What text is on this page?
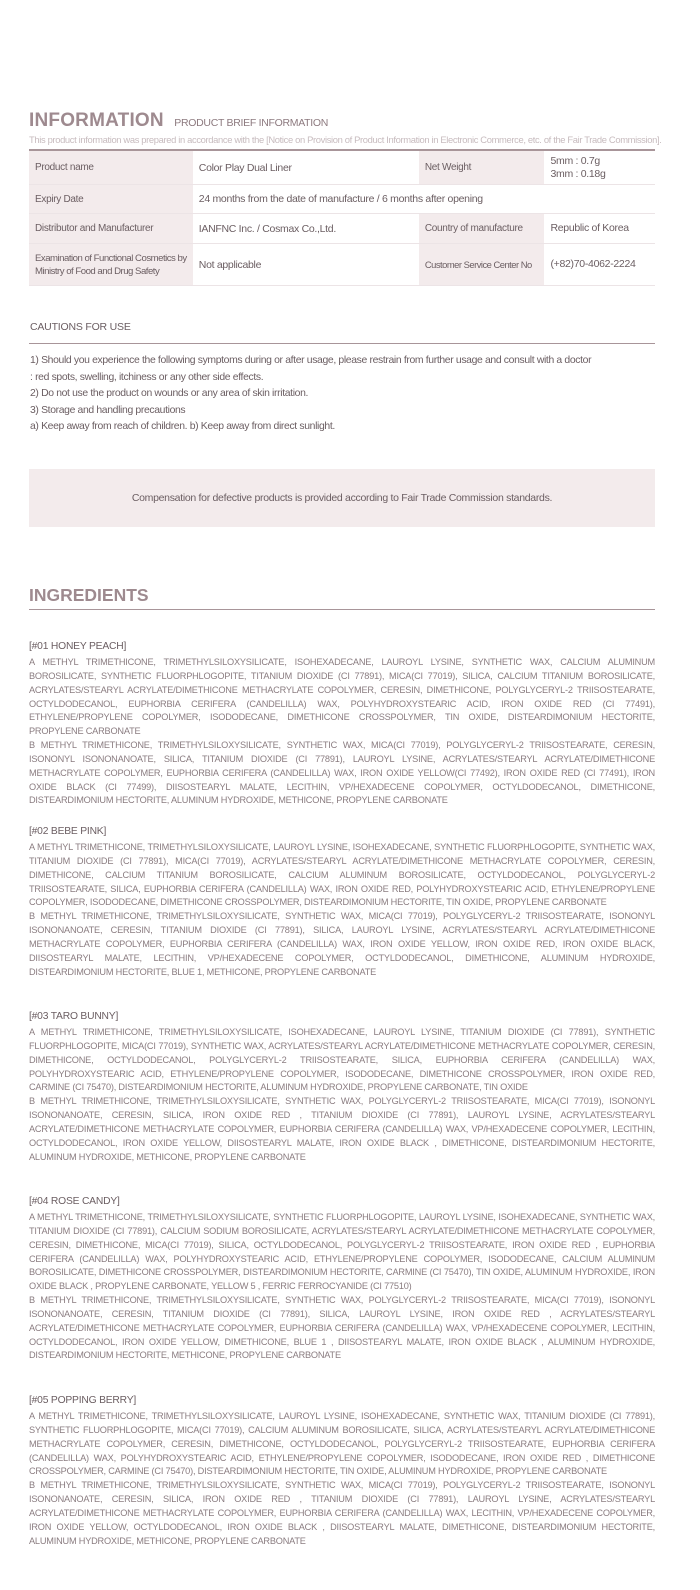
INFORMATION PRODUCT BRIEF INFORMATION
This product information was prepared in accordance with the [Notice on Provision of Product Information in Electronic Commerce, etc. of the Fair Trade Commission].
Product name	Color Play Dual Liner	Net Weight	5mm : 0.7g
3mm : 0.18g

Expiry Date	24 months from the date of manufacture / 6 months after opening		
Distributor and Manufacturer	IANFNC Inc. / Cosmax Co.,Ltd.	Country of manufacture	Republic of Korea

Examination of Functional Cosmetics by
Ministry of Food and Drug Safety	Not applicable	Customer Service Center No	(+82)70-4062-2224
CAUTIONS FOR USE
1) Should you experience the following symptoms during or after usage, please restrain from further usage and consult with a doctor
: red spots, swelling, itchiness or any other side effects.
2) Do not use the product on wounds or any area of skin irritation.
3) Storage and handling precautions
a) Keep away from reach of children. b) Keep away from direct sunlight.
Compensation for defective products is provided according to Fair Trade Commission standards.
INGREDIENTS
[#01 HONEY PEACH]
A METHYL TRIMETHICONE, TRIMETHYLSILOXYSILICATE, ISOHEXADECANE, LAUROYL LYSINE, SYNTHETIC WAX, CALCIUM ALUMINUM BOROSILICATE, SYNTHETIC FLUORPHLOGOPITE, TITANIUM DIOXIDE (CI 77891), MICA(CI 77019), SILICA, CALCIUM TITANIUM BOROSILICATE, ACRYLATES/STEARYL ACRYLATE/DIMETHICONE METHACRYLATE COPOLYMER, CERESIN, DIMETHICONE, POLYGLYCERYL-2 TRIISOSTEARATE, OCTYLDODECANOL, EUPHORBIA CERIFERA (CANDELILLA) WAX, POLYHYDROXYSTEARIC ACID, IRON OXIDE RED (CI 77491), ETHYLENE/PROPYLENE COPOLYMER, ISODODECANE, DIMETHICONE CROSSPOLYMER, TIN OXIDE, DISTEARDIMONIUM HECTORITE, PROPYLENE CARBONATE
B METHYL TRIMETHICONE, TRIMETHYLSILOXYSILICATE, SYNTHETIC WAX, MICA(CI 77019), POLYGLYCERYL-2 TRIISOSTEARATE, CERESIN, ISONONYL ISONONANOATE, SILICA, TITANIUM DIOXIDE (CI 77891), LAUROYL LYSINE, ACRYLATES/STEARYL ACRYLATE/DIMETHICONE METHACRYLATE COPOLYMER, EUPHORBIA CERIFERA (CANDELILLA) WAX, IRON OXIDE YELLOW(CI 77492), IRON OXIDE RED (CI 77491), IRON OXIDE BLACK (CI 77499), DIISOSTEARYL MALATE, LECITHIN, VP/HEXADECENE COPOLYMER, OCTYLDODECANOL, DIMETHICONE, DISTEARDIMONIUM HECTORITE, ALUMINUM HYDROXIDE, METHICONE, PROPYLENE CARBONATE
[#02 BEBE PINK]
A METHYL TRIMETHICONE, TRIMETHYLSILOXYSILICATE, LAUROYL LYSINE, ISOHEXADECANE, SYNTHETIC FLUORPHLOGOPITE, SYNTHETIC WAX, TITANIUM DIOXIDE (CI 77891), MICA(CI 77019), ACRYLATES/STEARYL ACRYLATE/DIMETHICONE METHACRYLATE COPOLYMER, CERESIN, DIMETHICONE, CALCIUM TITANIUM BOROSILICATE, CALCIUM ALUMINUM BOROSILICATE, OCTYLDODECANOL, POLYGLYCERYL-2 TRIISOSTEARATE, SILICA, EUPHORBIA CERIFERA (CANDELILLA) WAX, IRON OXIDE RED, POLYHYDROXYSTEARIC ACID, ETHYLENE/PROPYLENE COPOLYMER, ISODODECANE, DIMETHICONE CROSSPOLYMER, DISTEARDIMONIUM HECTORITE, TIN OXIDE, PROPYLENE CARBONATE
B METHYL TRIMETHICONE, TRIMETHYLSILOXYSILICATE, SYNTHETIC WAX, MICA(CI 77019), POLYGLYCERYL-2 TRIISOSTEARATE, ISONONYL ISONONANOATE, CERESIN, TITANIUM DIOXIDE (CI 77891), SILICA, LAUROYL LYSINE, ACRYLATES/STEARYL ACRYLATE/DIMETHICONE METHACRYLATE COPOLYMER, EUPHORBIA CERIFERA (CANDELILLA) WAX, IRON OXIDE YELLOW, IRON OXIDE RED, IRON OXIDE BLACK, DIISOSTEARYL MALATE, LECITHIN, VP/HEXADECENE COPOLYMER, OCTYLDODECANOL, DIMETHICONE, ALUMINUM HYDROXIDE, DISTEARDIMONIUM HECTORITE, BLUE 1, METHICONE, PROPYLENE CARBONATE
[#03 TARO BUNNY]
A METHYL TRIMETHICONE, TRIMETHYLSILOXYSILICATE, ISOHEXADECANE, LAUROYL LYSINE, TITANIUM DIOXIDE (CI 77891), SYNTHETIC FLUORPHLOGOPITE, MICA(CI 77019), SYNTHETIC WAX, ACRYLATES/STEARYL ACRYLATE/DIMETHICONE METHACRYLATE COPOLYMER, CERESIN, DIMETHICONE, OCTYLDODECANOL, POLYGLYCERYL-2 TRIISOSTEARATE, SILICA, EUPHORBIA CERIFERA (CANDELILLA) WAX, POLYHYDROXYSTEARIC ACID, ETHYLENE/PROPYLENE COPOLYMER, ISODODECANE, DIMETHICONE CROSSPOLYMER, IRON OXIDE RED, CARMINE (CI 75470), DISTEARDIMONIUM HECTORITE, ALUMINUM HYDROXIDE, PROPYLENE CARBONATE, TIN OXIDE
B METHYL TRIMETHICONE, TRIMETHYLSILOXYSILICATE, SYNTHETIC WAX, POLYGLYCERYL-2 TRIISOSTEARATE, MICA(CI 77019), ISONONYL ISONONANOATE, CERESIN, SILICA, IRON OXIDE RED , TITANIUM DIOXIDE (CI 77891), LAUROYL LYSINE, ACRYLATES/STEARYL ACRYLATE/DIMETHICONE METHACRYLATE COPOLYMER, EUPHORBIA CERIFERA (CANDELILLA) WAX, VP/HEXADECENE COPOLYMER, LECITHIN, OCTYLDODECANOL, IRON OXIDE YELLOW, DIISOSTEARYL MALATE, IRON OXIDE BLACK , DIMETHICONE, DISTEARDIMONIUM HECTORITE, ALUMINUM HYDROXIDE, METHICONE, PROPYLENE CARBONATE
[#04 ROSE CANDY]
A METHYL TRIMETHICONE, TRIMETHYLSILOXYSILICATE, SYNTHETIC FLUORPHLOGOPITE, LAUROYL LYSINE, ISOHEXADECANE, SYNTHETIC WAX, TITANIUM DIOXIDE (CI 77891), CALCIUM SODIUM BOROSILICATE, ACRYLATES/STEARYL ACRYLATE/DIMETHICONE METHACRYLATE COPOLYMER, CERESIN, DIMETHICONE, MICA(CI 77019), SILICA, OCTYLDODECANOL, POLYGLYCERYL-2 TRIISOSTEARATE, IRON OXIDE RED , EUPHORBIA CERIFERA (CANDELILLA) WAX, POLYHYDROXYSTEARIC ACID, ETHYLENE/PROPYLENE COPOLYMER, ISODODECANE, CALCIUM ALUMINUM BOROSILICATE, DIMETHICONE CROSSPOLYMER, DISTEARDIMONIUM HECTORITE, CARMINE (CI 75470), TIN OXIDE, ALUMINUM HYDROXIDE, IRON OXIDE BLACK , PROPYLENE CARBONATE, YELLOW 5 , FERRIC FERROCYANIDE (CI 77510)
B METHYL TRIMETHICONE, TRIMETHYLSILOXYSILICATE, SYNTHETIC WAX, POLYGLYCERYL-2 TRIISOSTEARATE, MICA(CI 77019), ISONONYL ISONONANOATE, CERESIN, TITANIUM DIOXIDE (CI 77891), SILICA, LAUROYL LYSINE, IRON OXIDE RED , ACRYLATES/STEARYL ACRYLATE/DIMETHICONE METHACRYLATE COPOLYMER, EUPHORBIA CERIFERA (CANDELILLA) WAX, VP/HEXADECENE COPOLYMER, LECITHIN, OCTYLDODECANOL, IRON OXIDE YELLOW, DIMETHICONE, BLUE 1 , DIISOSTEARYL MALATE, IRON OXIDE BLACK , ALUMINUM HYDROXIDE, DISTEARDIMONIUM HECTORITE, METHICONE, PROPYLENE CARBONATE
[#05 POPPING BERRY]
A METHYL TRIMETHICONE, TRIMETHYLSILOXYSILICATE, LAUROYL LYSINE, ISOHEXADECANE, SYNTHETIC WAX, TITANIUM DIOXIDE (CI 77891), SYNTHETIC FLUORPHLOGOPITE, MICA(CI 77019), CALCIUM ALUMINUM BOROSILICATE, SILICA, ACRYLATES/STEARYL ACRYLATE/DIMETHICONE METHACRYLATE COPOLYMER, CERESIN, DIMETHICONE, OCTYLDODECANOL, POLYGLYCERYL-2 TRIISOSTEARATE, EUPHORBIA CERIFERA (CANDELILLA) WAX, POLYHYDROXYSTEARIC ACID, ETHYLENE/PROPYLENE COPOLYMER, ISODODECANE, IRON OXIDE RED , DIMETHICONE CROSSPOLYMER, CARMINE (CI 75470), DISTEARDIMONIUM HECTORITE, TIN OXIDE, ALUMINUM HYDROXIDE, PROPYLENE CARBONATE
B METHYL TRIMETHICONE, TRIMETHYLSILOXYSILICATE, SYNTHETIC WAX, MICA(CI 77019), POLYGLYCERYL-2 TRIISOSTEARATE, ISONONYL ISONONANOATE, CERESIN, SILICA, IRON OXIDE RED , TITANIUM DIOXIDE (CI 77891), LAUROYL LYSINE, ACRYLATES/STEARYL ACRYLATE/DIMETHICONE METHACRYLATE COPOLYMER, EUPHORBIA CERIFERA (CANDELILLA) WAX, LECITHIN, VP/HEXADECENE COPOLYMER, IRON OXIDE YELLOW, OCTYLDODECANOL, IRON OXIDE BLACK , DIISOSTEARYL MALATE, DIMETHICONE, DISTEARDIMONIUM HECTORITE, ALUMINUM HYDROXIDE, METHICONE, PROPYLENE CARBONATE
